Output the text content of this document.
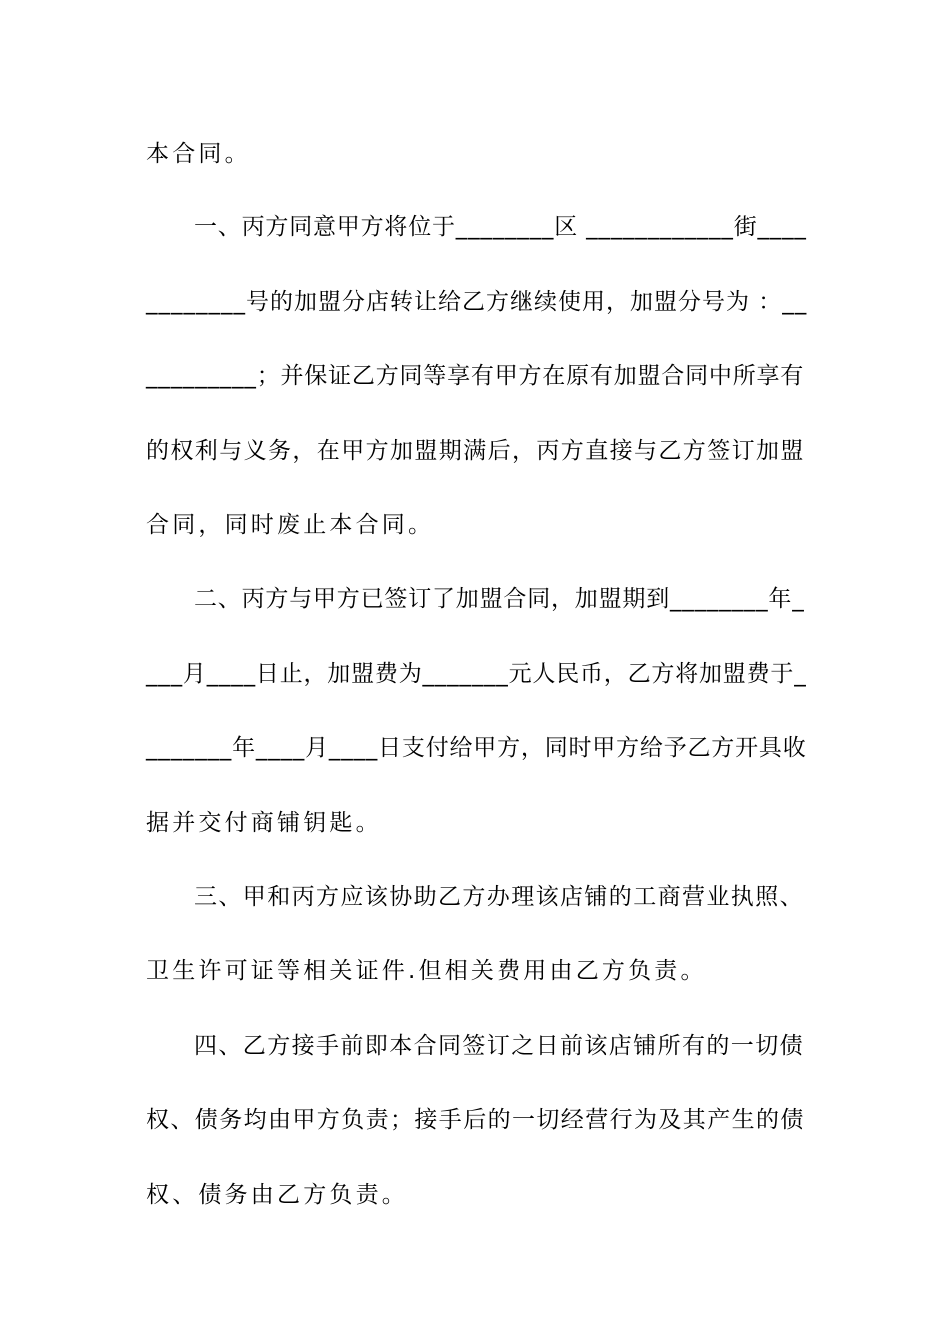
本合同。
一、丙方同意甲方将位于________区 ____________街____
________号的加盟分店转让给乙方继续使用，加盟分号为 ：__
_________；并保证乙方同等享有甲方在原有加盟合同中所享有
的权利与义务，在甲方加盟期满后，丙方直接与乙方签订加盟
合同，同时废止本合同。
二、丙方与甲方已签订了加盟合同，加盟期到________年_
___月____日止，加盟费为_______元人民币，乙方将加盟费于_
_______年____月____日支付给甲方，同时甲方给予乙方开具收
据并交付商铺钥匙。
三、甲和丙方应该协助乙方办理该店铺的工商营业执照、
卫生许可证等相关证件.但相关费用由乙方负责。
四、乙方接手前即本合同签订之日前该店铺所有的一切债
权、债务均由甲方负责；接手后的一切经营行为及其产生的债
权、债务由乙方负责。
